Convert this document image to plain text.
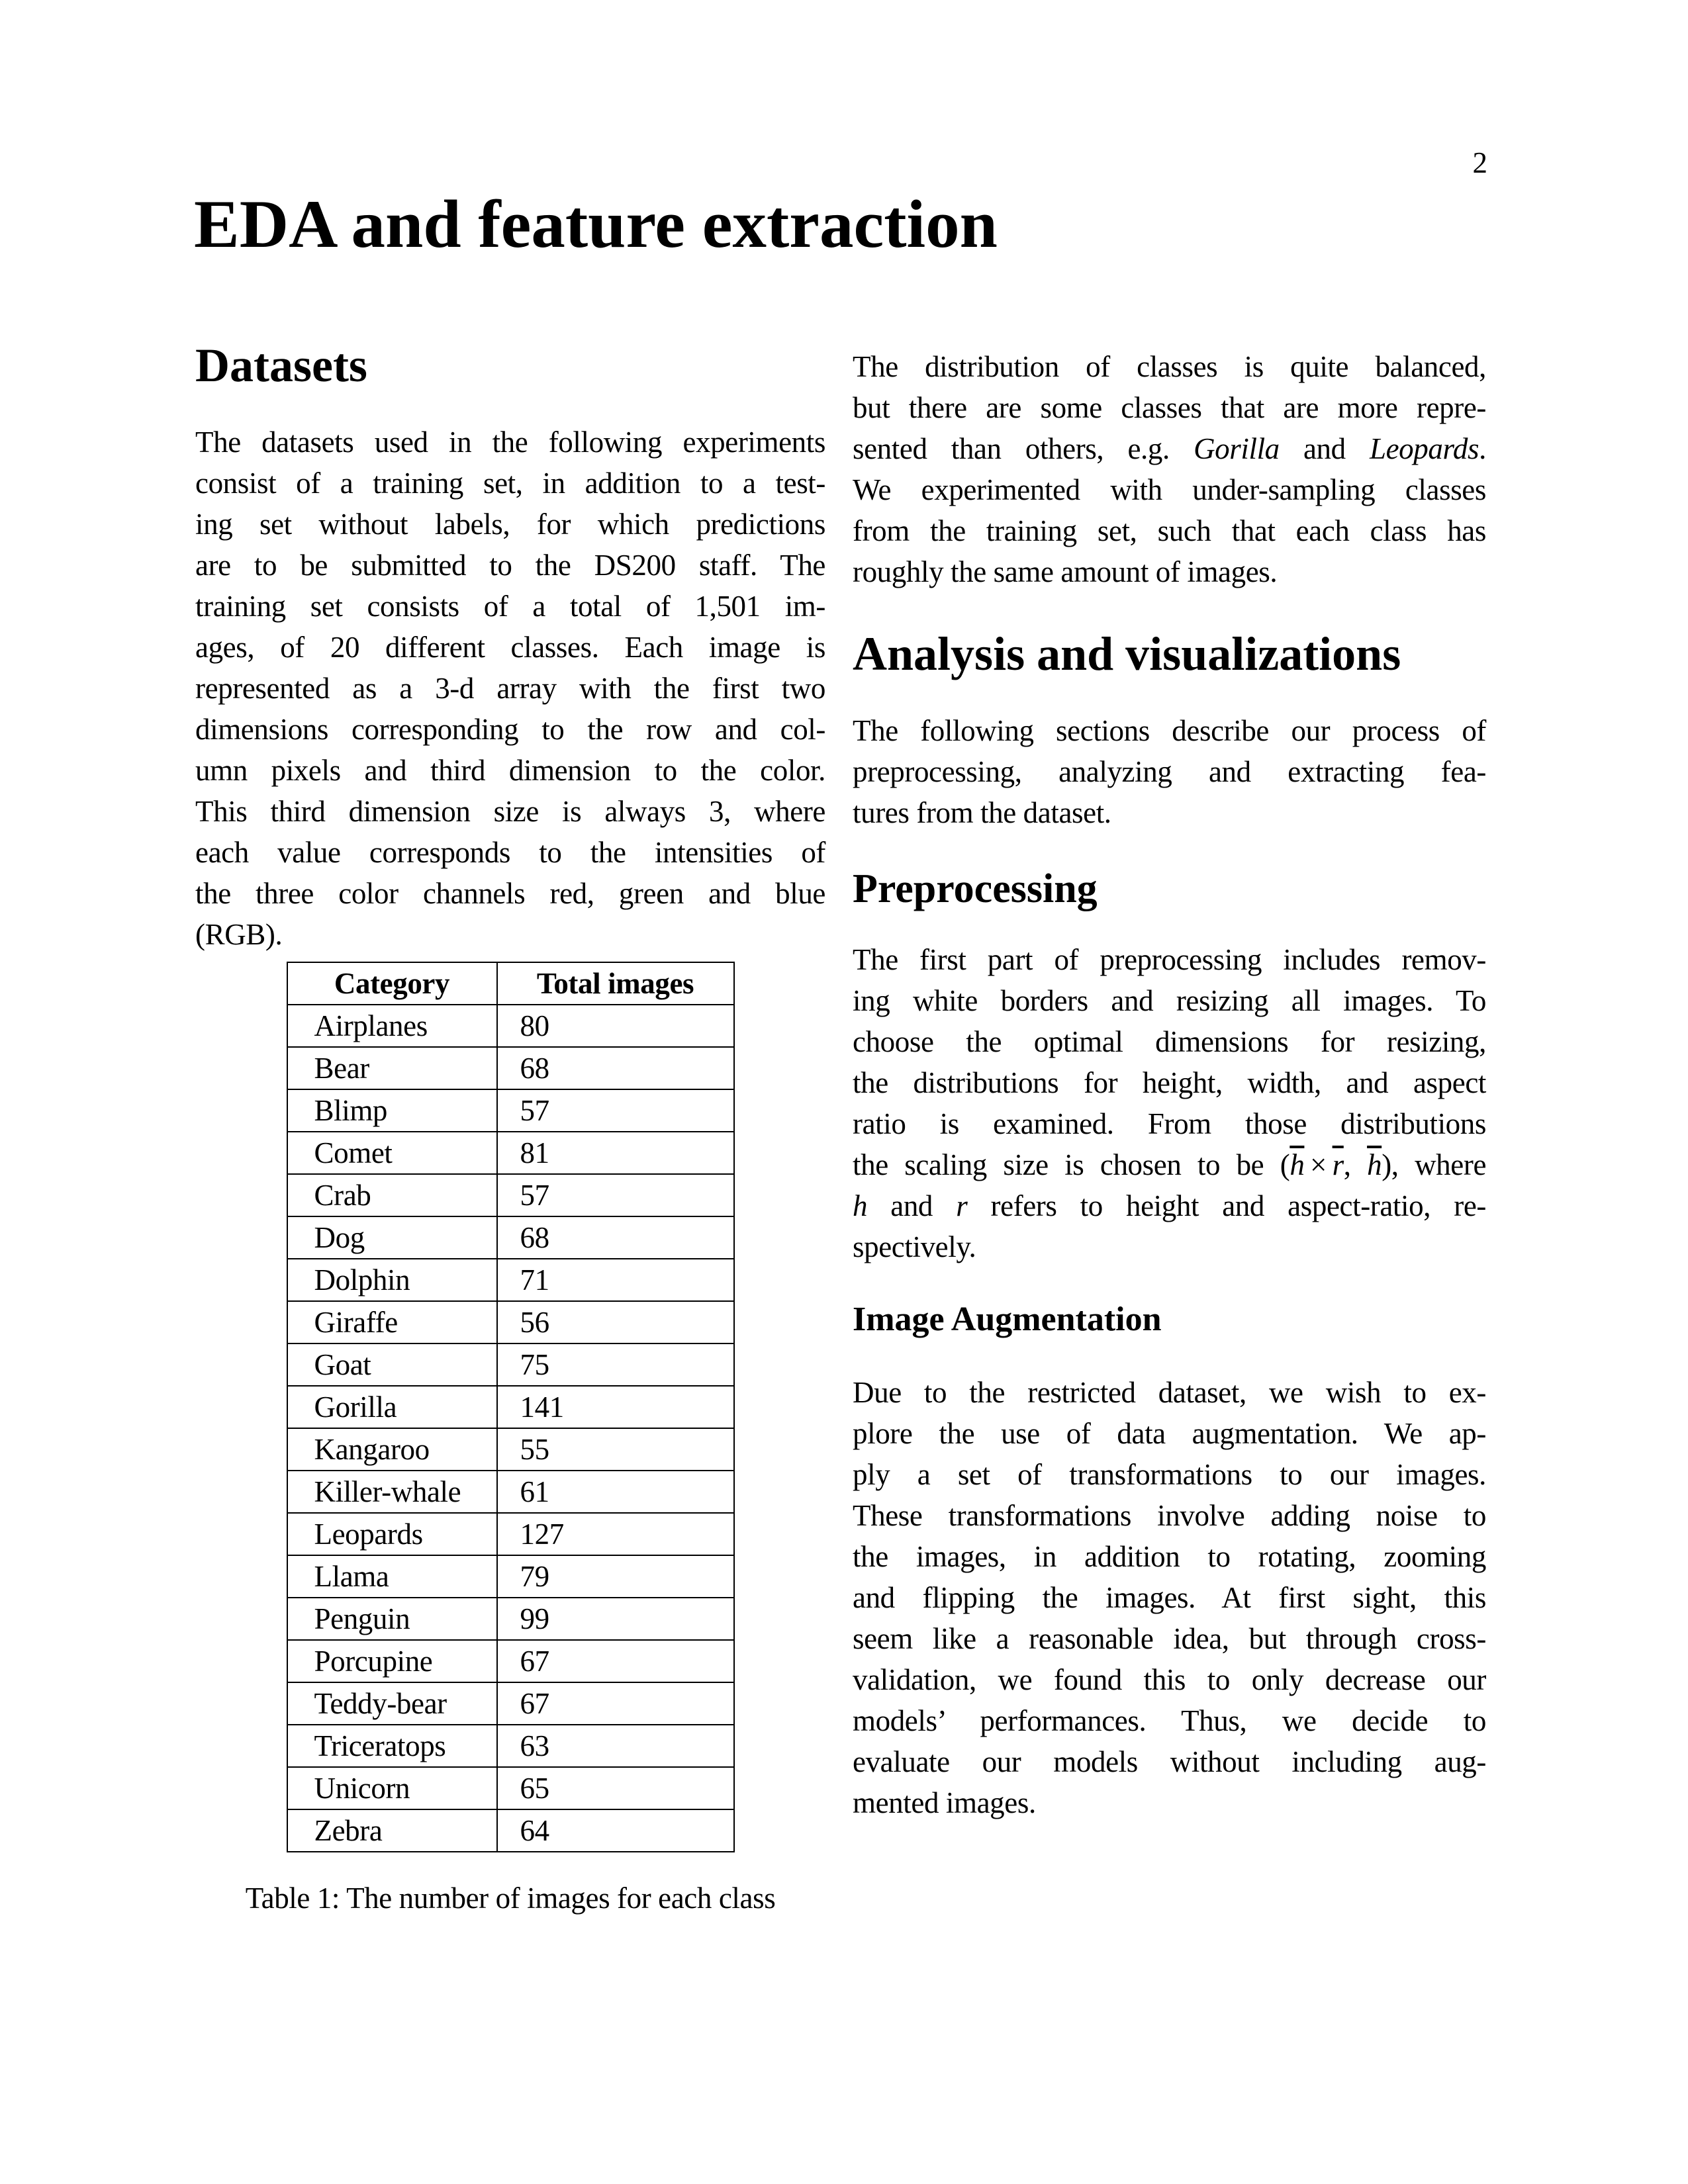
2
EDA and feature extraction
Datasets
The datasets used in the following experiments
consist of a training set, in addition to a test-
ing set without labels, for which predictions
are to be submitted to the DS200 staff. The
training set consists of a total of 1,501 im-
ages, of 20 different classes. Each image is
represented as a 3-d array with the first two
dimensions corresponding to the row and col-
umn pixels and third dimension to the color.
This third dimension size is always 3, where
each value corresponds to the intensities of
the three color channels red, green and blue
(RGB).
Category	Total images
Airplanes	80
Bear	68
Blimp	57
Comet	81
Crab	57
Dog	68
Dolphin	71
Giraffe	56
Goat	75
Gorilla	141
Kangaroo	55
Killer-whale	61
Leopards	127
Llama	79
Penguin	99
Porcupine	67
Teddy-bear	67
Triceratops	63
Unicorn	65
Zebra	64
Table 1: The number of images for each class
The distribution of classes is quite balanced,
but there are some classes that are more repre-
sented than others, e.g. Gorilla and Leopards.
We experimented with under-sampling classes
from the training set, such that each class has
roughly the same amount of images.
Analysis and visualizations
The following sections describe our process of
preprocessing, analyzing and extracting fea-
tures from the dataset.
Preprocessing
The first part of preprocessing includes remov-
ing white borders and resizing all images. To
choose the optimal dimensions for resizing,
the distributions for height, width, and aspect
ratio is examined. From those distributions
the scaling size is chosen to be ($\overline{h} \times \overline{r}$, $\overline{h}$), where
h and r refers to height and aspect-ratio, re-
spectively.
Image Augmentation
Due to the restricted dataset, we wish to ex-
plore the use of data augmentation. We ap-
ply a set of transformations to our images.
These transformations involve adding noise to
the images, in addition to rotating, zooming
and flipping the images. At first sight, this
seem like a reasonable idea, but through cross-
validation, we found this to only decrease our
models’ performances. Thus, we decide to
evaluate our models without including aug-
mented images.
